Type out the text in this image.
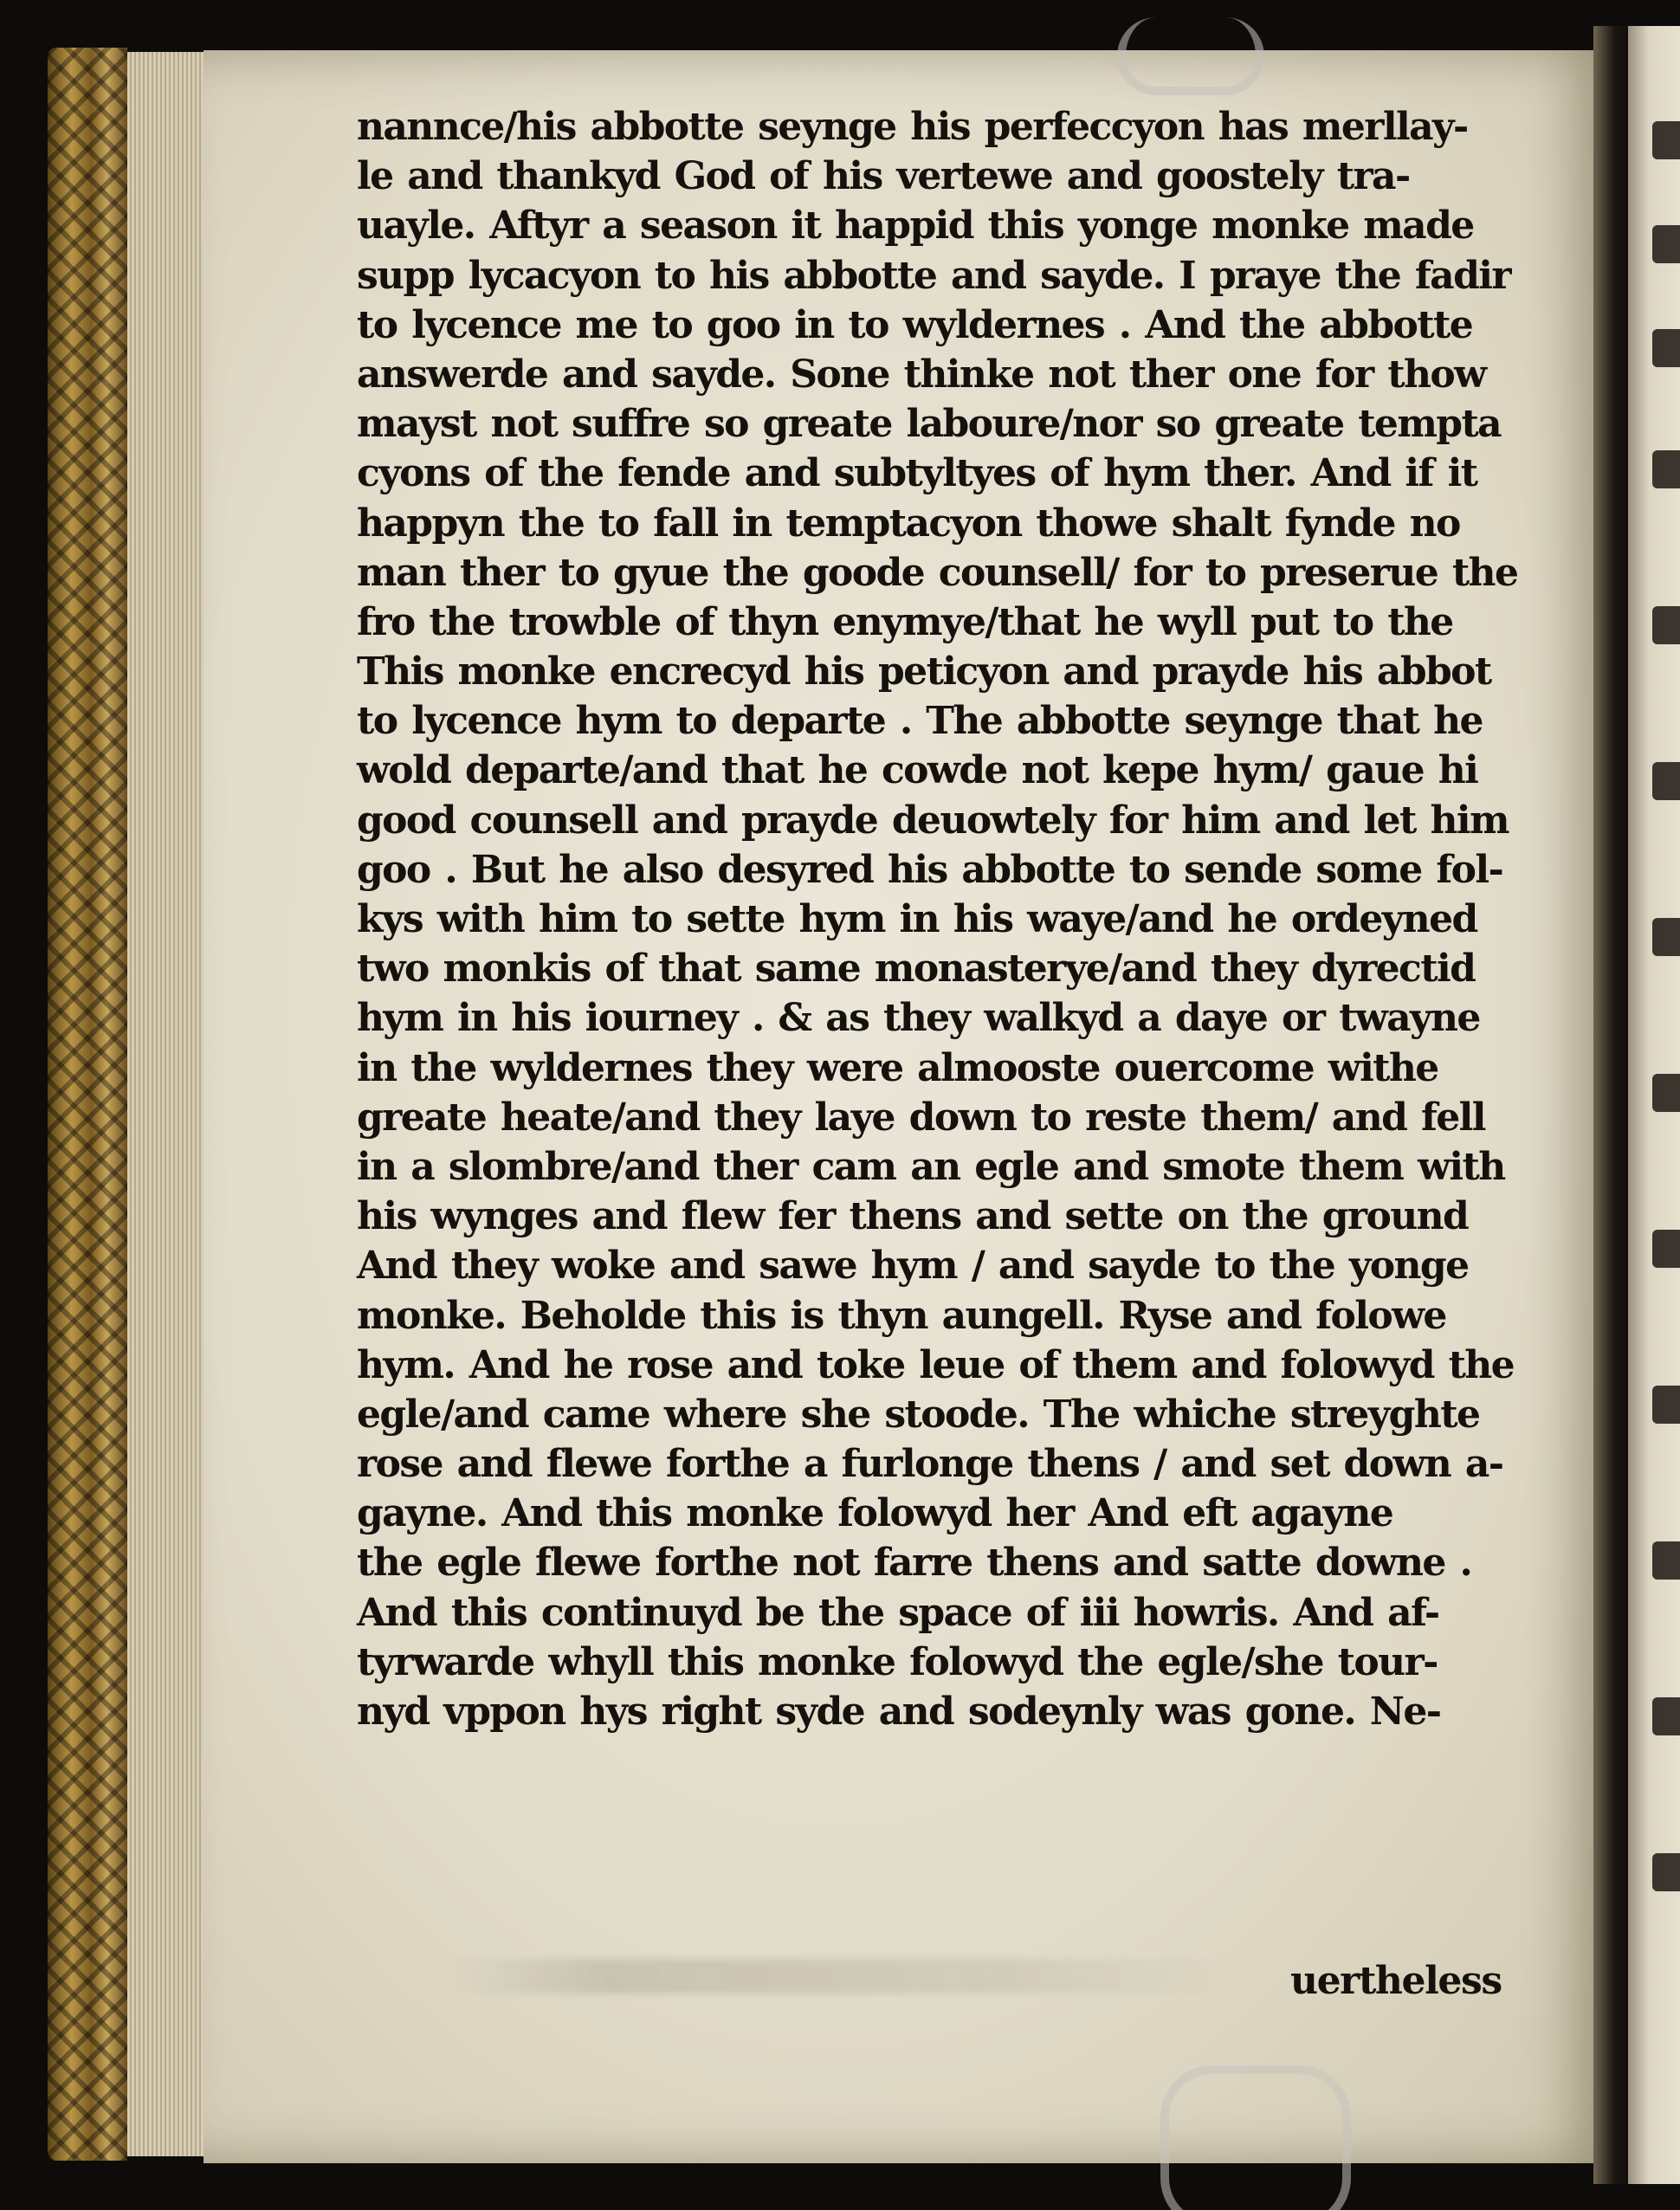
nannce/his abbotte seynge his perfeccyon has merllay-
le and thankyd God of his vertewe and goostely tra-
uayle. Aftyr a season it happid this yonge monke made
supp lycacyon to his abbotte and sayde. I praye the fadir
to lycence me to goo in to wyldernes . And the abbotte
answerde and sayde. Sone thinke not ther one for thow
mayst not suffre so greate laboure/nor so greate tempta
cyons of the fende and subtyltyes of hym ther. And if it
happyn the to fall in temptacyon thowe shalt fynde no
man ther to gyue the goode counsell/ for to preserue the
fro the trowble of thyn enymye/that he wyll put to the
This monke encrecyd his peticyon and prayde his abbot
to lycence hym to departe . The abbotte seynge that he
wold departe/and that he cowde not kepe hym/ gaue hi
good counsell and prayde deuowtely for him and let him
goo . But he also desyred his abbotte to sende some fol-
kys with him to sette hym in his waye/and he ordeyned
two monkis of that same monasterye/and they dyrectid
hym in his iourney . & as they walkyd a daye or twayne
in the wyldernes they were almooste ouercome withe
greate heate/and they laye down to reste them/ and fell
in a slombre/and ther cam an egle and smote them with
his wynges and flew fer thens and sette on the ground
And they woke and sawe hym / and sayde to the yonge
monke. Beholde this is thyn aungell. Ryse and folowe
hym. And he rose and toke leue of them and folowyd the
egle/and came where she stoode. The whiche streyghte
rose and flewe forthe a furlonge thens / and set down a-
gayne. And this monke folowyd her And eft agayne
the egle flewe forthe not farre thens and satte downe .
And this continuyd be the space of iii howris. And af-
tyrwarde whyll this monke folowyd the egle/she tour-
nyd vppon hys right syde and sodeynly was gone. Ne-
uertheless
